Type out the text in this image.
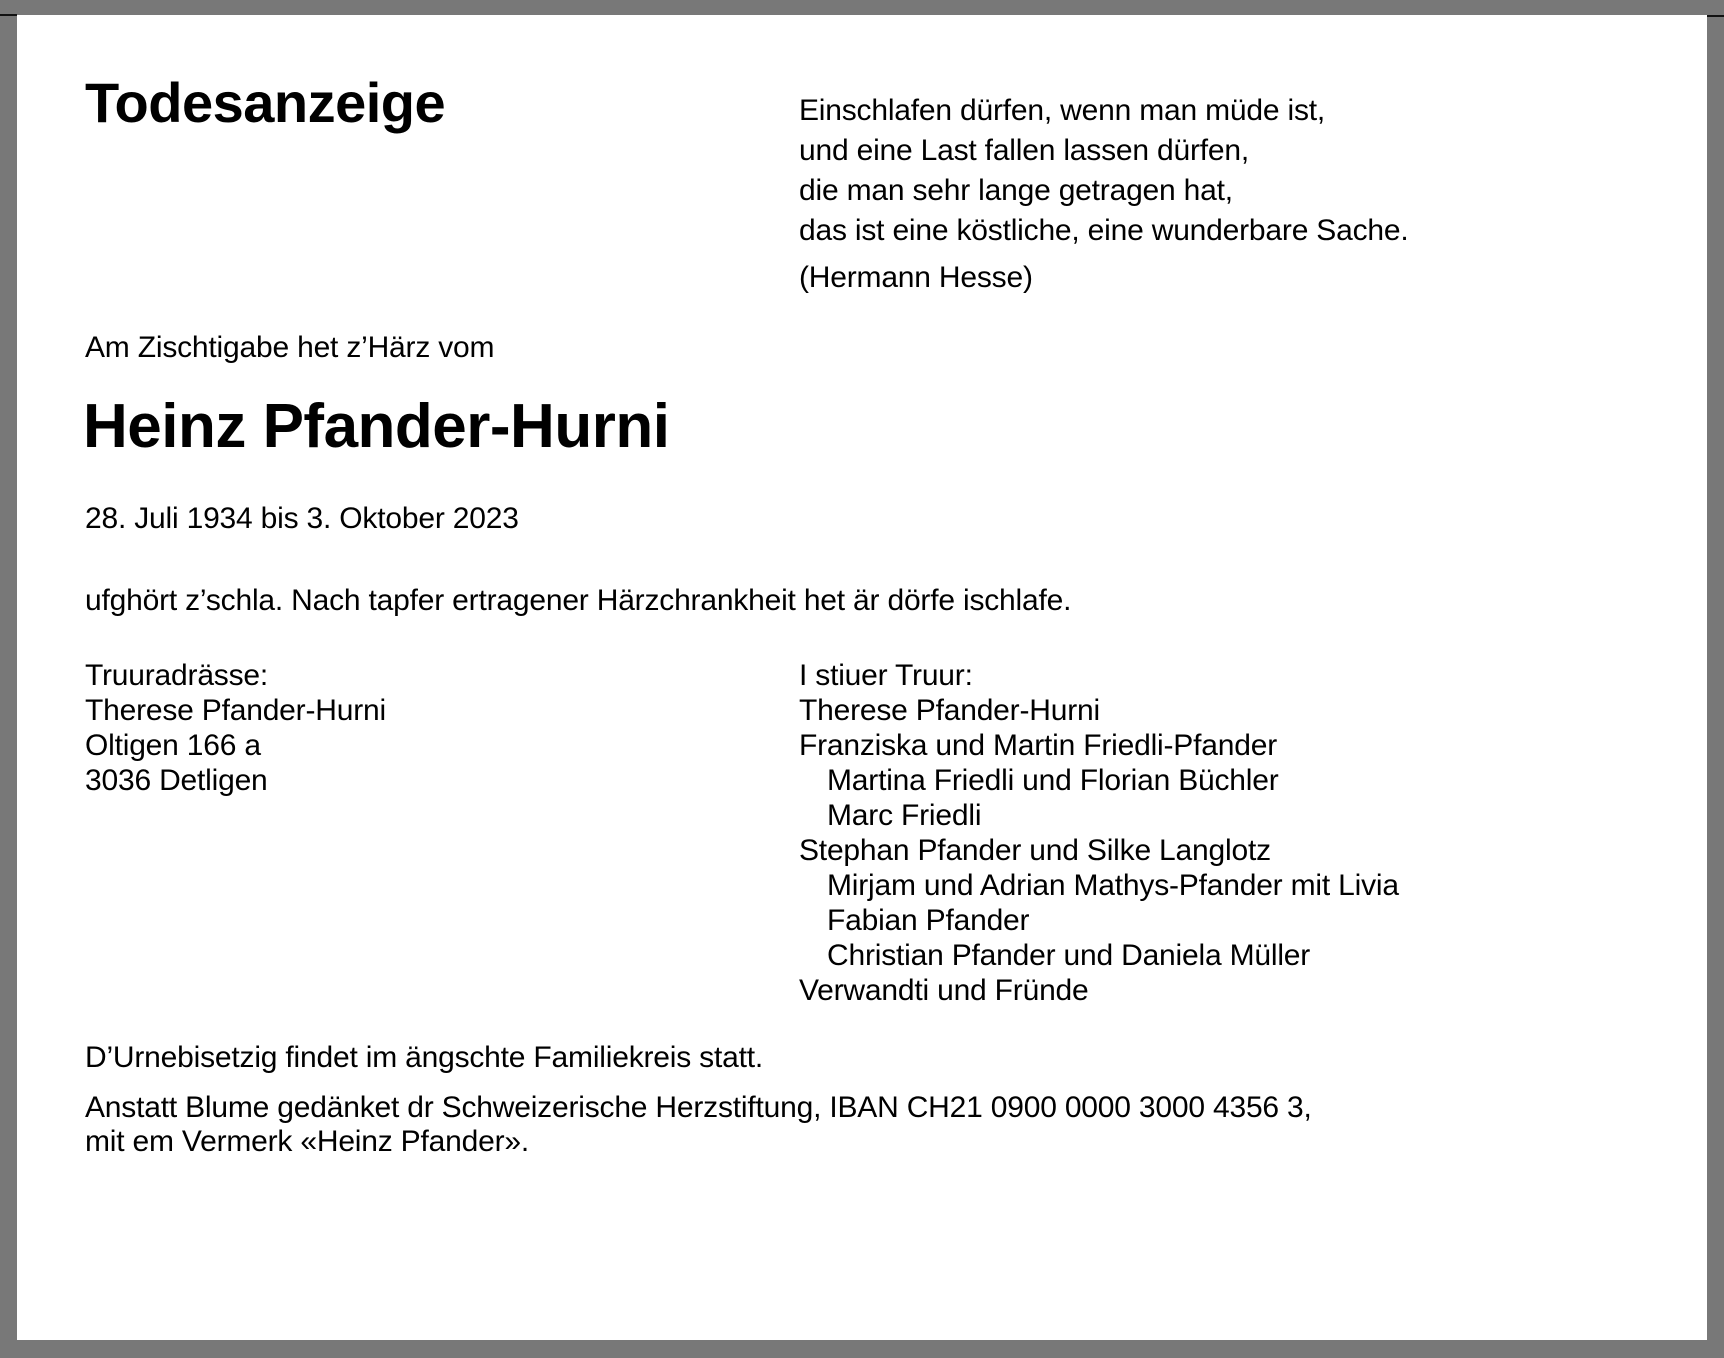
Todesanzeige	Einschlafen dürfen, wenn man müde ist,
und eine Last fallen lassen dürfen,
die man sehr lange getragen hat,
das ist eine köstliche, eine wunderbare Sache.
(Hermann Hesse)
Am Zischtigabe het z’Härz vom
Heinz Pfander-Hurni
28. Juli 1934 bis 3. Oktober 2023
ufghört z’schla. Nach tapfer ertragener Härzchrankheit het är dörfe ischlafe.
Truuradrässe:
Therese Pfander-Hurni
Oltigen 166 a
3036 Detligen
I stiuer Truur:
Therese Pfander-Hurni
Franziska und Martin Friedli-Pfander
Martina Friedli und Florian Büchler
Marc Friedli
Stephan Pfander und Silke Langlotz
Mirjam und Adrian Mathys-Pfander mit Livia
Fabian Pfander
Christian Pfander und Daniela Müller
Verwandti und Fründe
D’Urnebisetzig findet im ängschte Familiekreis statt.
Anstatt Blume gedänket dr Schweizerische Herzstiftung, IBAN CH21 0900 0000 3000 4356 3,
mit em Vermerk «Heinz Pfander».
